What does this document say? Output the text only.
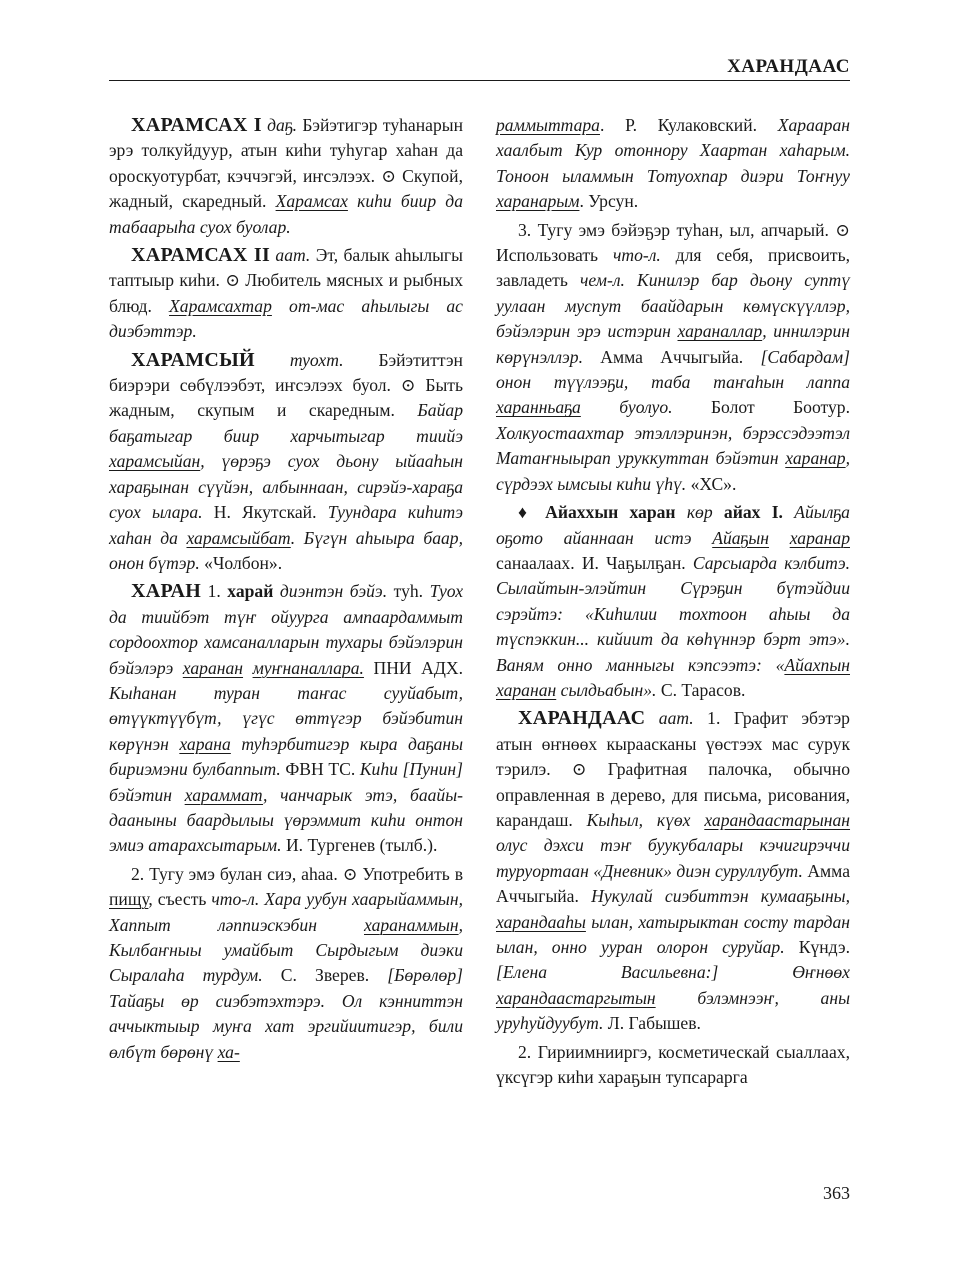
ХАРАНДААС

ХАРАМСАХ I даҕ. Бэйэтигэр туһанарын эрэ толкуйдуур, атын киһи туһугар хаһан да ороскуотурбат, кэччэгэй, иҥсэлээх. ⊙ Скупой, жадный, скаредный. Харамсах киһи биир да табаарыһа суох буолар.

ХАРАМСАХ II аат. Эт, балык аһылыгы таптыыр киһи. ⊙ Любитель мясных и рыбных блюд. Харамсахтар от-мас аһылыгы ас диэбэттэр.

ХАРАМСЫЙ туохт. Бэйэтиттэн биэрэри сөбүлээбэт, иҥсэлээх буол. ⊙ Быть жадным, скупым и скаредным. Байар баҕатыгар биир харчытыгар тиийэ харамсыйан, үөрэҕэ суох дьону ыйааһын хараҕынан сүүйэн, албыннаан, сирэйэ-хараҕа суох ылара. Н. Якутскай. Туундара киһитэ хаһан да харамсыйбат. Бүгүн аһыыра баар, онон бүтэр. «Чолбон».

ХАРАН 1. харай диэнтэн бэйэ. туһ. Туох да тиийбэт түҥ ойуурга ампаардаммыт сордоохтор хамсаналларын тухары бэйэлэрин бэйэлэрэ харанан муҥнаналлара. ПНИ АДХ. Кыһанан туран таҥас сууйабыт, өтүүктүүбүт, үгүс өттүгэр бэйэбитин көрүнэн харана туһэрбитигэр кыра даҕаны бириэмэни булбаппыт. ФВН ТС. Киһи [Пунин] бэйэтин хараммат, чанчарык этэ, баайы-дааныны баардылыы үөрэммит киһи онтон эмиэ атарахсытарым. И. Тургенев (тылб.).

2. Тугу эмэ булан сиэ, аһаа. ⊙ Употребить в пищу, съесть что-л. Хара уубун хаарыйаммын, Хаппыт ләппиэскэбин	харанаммын, Кылбаҥныы умайбыт Сырдыгым диэки Сыралаһа турдум. С. Зверев. [Бөрөлөр] Тайаҕы өр сиэбэтэхтэрэ. Ол кэнниттэн аччыктыыр муҥа хат эргийиитигэр, били өлбүт бөрөнү ха-

раммыттара. Р. Кулаковский. Харааран хаалбыт Кур отоннору Хаартан хаһарым. Тоноон ыламмын Тотуохпар диэри Тоҥнуу харанарым. Урсун.

3. Тугу эмэ бэйэҕэр туһан, ыл, апчарый. ⊙ Использовать что-л. для себя, присвоить, завладеть чем-л. Кинилэр бар дьону суптү уулаан муспут баайдарын көмүскүүллэр, бэйэлэрин эрэ истэрин хараналлар, иннилэрин көрүнэллэр. Амма Аччыгыйа. [Сабардам] онон түүлээҕи, таба таҥаһын лаппа харанньаҕа буолуо. Болот Боотур. Холкуостаахтар этэллэринэн, бэрэссэдээтэл Матаҥныырап уруккуттан бэйэтин харанар, сүрдээх ымсыы киһи үһү. «ХС».

♦ Айаххын харан көр айах I. Айылҕа оҕото айаннаан истэ Айаҕын харанар санаалаах. И. Чаҕылҕан. Сарсыарда кэлбитэ. Сылайтын-элэйтин Сүрэҕин бүтэйдии сэрэйтэ: «Киһилии тохтоон аһыы да түспэккин... кийиит да көһүннэр бэрт этэ». Ваням онно манныгы кэпсээтэ: «Айахпын харанан сылдьабын». С. Тарасов.

ХАРАНДААС аат. 1. Графит эбэтэр атын өҥнөөх кыраасканы үөстээх мас сурук тэрилэ. ⊙ Графитная палочка, обычно оправленная в дерево, для письма, рисования, карандаш. Кыһыл, күөх харандаастарынан олус дэхси тэҥ буукубалары кэчигирэччи туруортаан «Дневник» диэн суруллубут. Амма Аччыгыйа. Нукулай сиэбиттэн кумааҕыны, харандааһы ылан, хатырыктан состу тардан ылан, онно ууран олорон суруйар. Күндэ. [Елена Васильевна:] Өҥнөөх харандаастаргытын бэлэмнээҥ, аны уруһуйдуубут. Л. Габышев.

2. Гириимнииргэ, косметическай сыаллаах, үксүгэр киһи хараҕын тупсарарга

363
